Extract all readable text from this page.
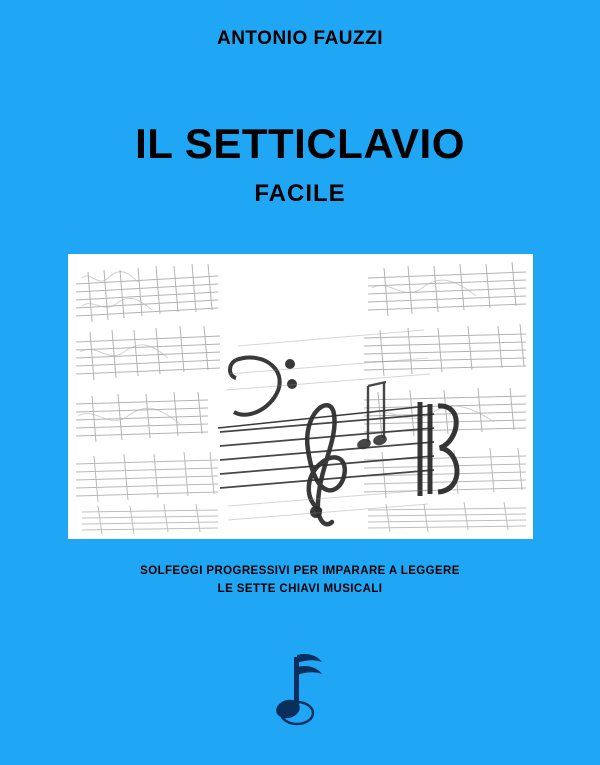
ANTONIO FAUZZI
IL SETTICLAVIO
FACILE
SOLFEGGI PROGRESSIVI PER IMPARARE A LEGGERE
LE SETTE CHIAVI MUSICALI
